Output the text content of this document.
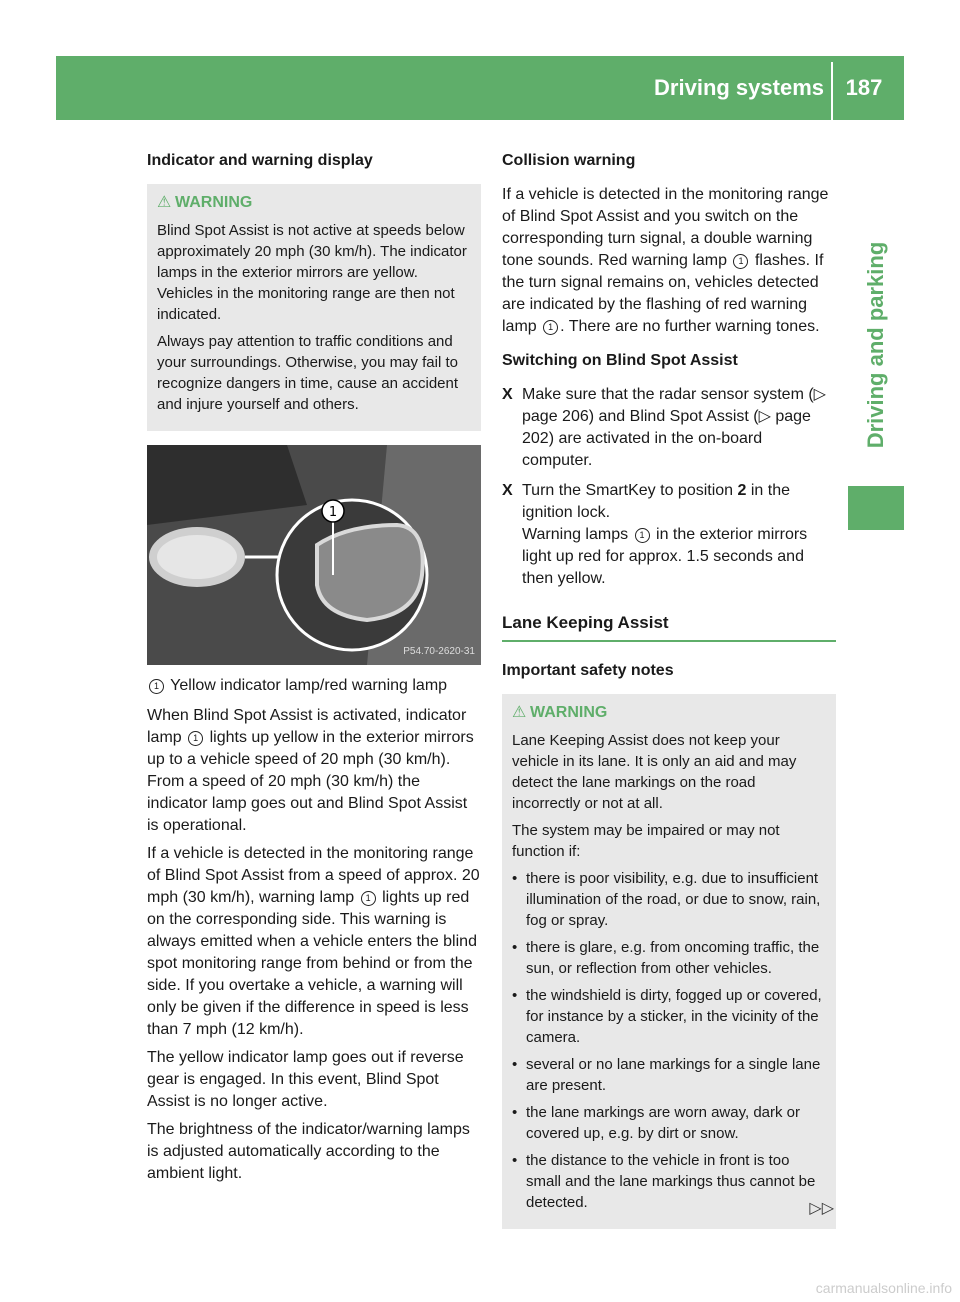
Driving systems 187
Driving and parking
Indicator and warning display
⚠ WARNING

Blind Spot Assist is not active at speeds below approximately 20 mph (30 km/h). The indicator lamps in the exterior mirrors are yellow. Vehicles in the monitoring range are then not indicated.

Always pay attention to traffic conditions and your surroundings. Otherwise, you may fail to recognize dangers in time, cause an accident and injure yourself and others.

1
P54.70-2620-31

1 Yellow indicator lamp/red warning lamp

When Blind Spot Assist is activated, indicator lamp 1 lights up yellow in the exterior mirrors up to a vehicle speed of 20 mph (30 km/h). From a speed of 20 mph (30 km/h) the indicator lamp goes out and Blind Spot Assist is operational.

If a vehicle is detected in the monitoring range of Blind Spot Assist from a speed of approx. 20 mph (30 km/h), warning lamp 1 lights up red on the corresponding side. This warning is always emitted when a vehicle enters the blind spot monitoring range from behind or from the side. If you overtake a vehicle, a warning will only be given if the difference in speed is less than 7 mph (12 km/h).

The yellow indicator lamp goes out if reverse gear is engaged. In this event, Blind Spot Assist is no longer active.

The brightness of the indicator/warning lamps is adjusted automatically according to the ambient light.

Collision warning

If a vehicle is detected in the monitoring range of Blind Spot Assist and you switch on the corresponding turn signal, a double warning tone sounds. Red warning lamp 1 flashes. If the turn signal remains on, vehicles detected are indicated by the flashing of red warning lamp 1 . There are no further warning tones.

Switching on Blind Spot Assist
X Make sure that the radar sensor system (▷ page 206) and Blind Spot Assist (▷ page 202) are activated in the on-board computer.
X Turn the SmartKey to position 2 in the ignition lock.
Warning lamps 1 in the exterior mirrors light up red for approx. 1.5 seconds and then yellow.
Lane Keeping Assist
Important safety notes
⚠ WARNING

Lane Keeping Assist does not keep your vehicle in its lane. It is only an aid and may detect the lane markings on the road incorrectly or not at all.

The system may be impaired or may not function if:

• there is poor visibility, e.g. due to insufficient illumination of the road, or due to snow, rain, fog or spray.
• there is glare, e.g. from oncoming traffic, the sun, or reflection from other vehicles.
• the windshield is dirty, fogged up or covered, for instance by a sticker, in the vicinity of the camera.
• several or no lane markings for a single lane are present.
• the lane markings are worn away, dark or covered up, e.g. by dirt or snow.
• the distance to the vehicle in front is too small and the lane markings thus cannot be detected.	▷▷
carmanualsonline.info
